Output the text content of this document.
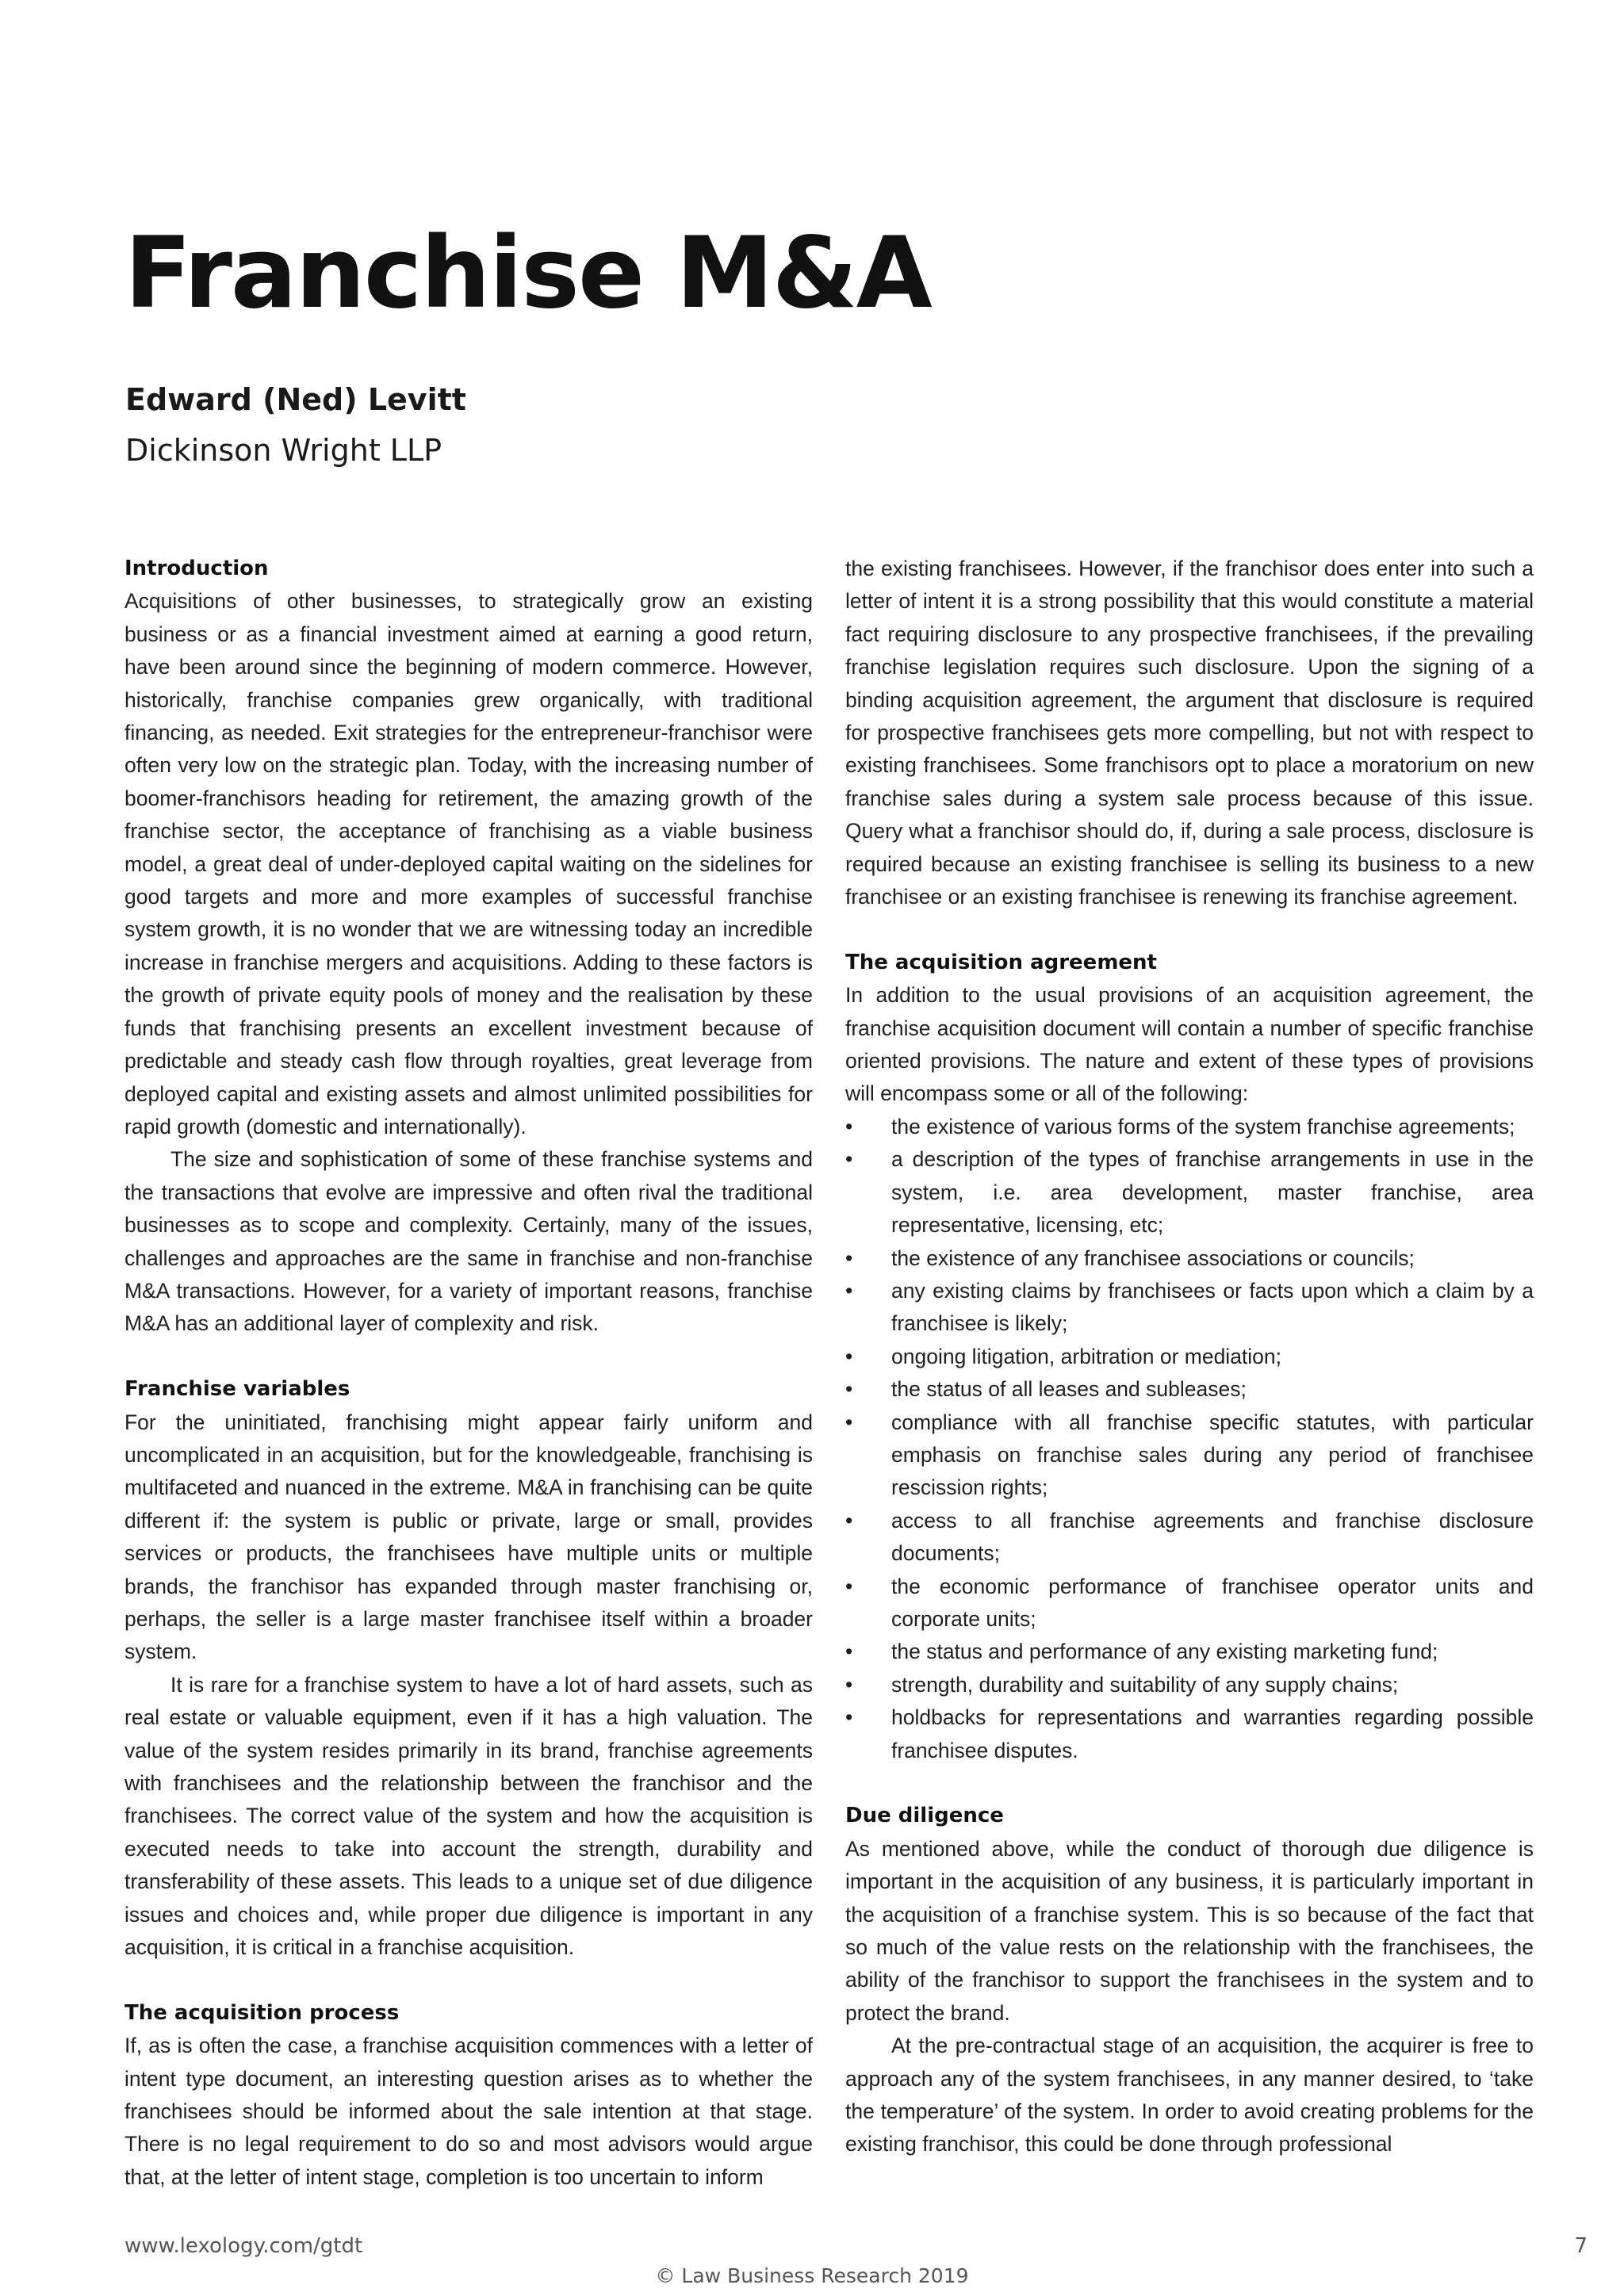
Franchise M&A
Edward (Ned) Levitt
Dickinson Wright LLP
Introduction

Acquisitions of other businesses, to strategically grow an existing business or as a financial investment aimed at earning a good return, have been around since the beginning of modern commerce. However, historically, franchise companies grew organically, with traditional financing, as needed. Exit strategies for the entrepreneur-franchisor were often very low on the strategic plan. Today, with the increasing number of boomer-franchisors heading for retirement, the amazing growth of the franchise sector, the acceptance of franchising as a viable business model, a great deal of under-deployed capital waiting on the sidelines for good targets and more and more examples of successful franchise system growth, it is no wonder that we are witnessing today an incredible increase in franchise mergers and acquisitions. Adding to these factors is the growth of private equity pools of money and the realisation by these funds that franchising presents an excellent investment because of predictable and steady cash flow through royalties, great leverage from deployed capital and existing assets and almost unlimited possibilities for rapid growth (domestic and internationally).

The size and sophistication of some of these franchise systems and the transactions that evolve are impressive and often rival the traditional businesses as to scope and complexity. Certainly, many of the issues, challenges and approaches are the same in franchise and non-franchise M&A transactions. However, for a variety of important reasons, franchise M&A has an additional layer of complexity and risk.

Franchise variables

For the uninitiated, franchising might appear fairly uniform and uncomplicated in an acquisition, but for the knowledgeable, franchising is multifaceted and nuanced in the extreme. M&A in franchising can be quite different if: the system is public or private, large or small, provides services or products, the franchisees have multiple units or multiple brands, the franchisor has expanded through master franchising or, perhaps, the seller is a large master franchisee itself within a broader system.

It is rare for a franchise system to have a lot of hard assets, such as real estate or valuable equipment, even if it has a high valuation. The value of the system resides primarily in its brand, franchise agreements with franchisees and the relationship between the franchisor and the franchisees. The correct value of the system and how the acquisition is executed needs to take into account the strength, durability and transferability of these assets. This leads to a unique set of due diligence issues and choices and, while proper due diligence is important in any acquisition, it is critical in a franchise acquisition.

The acquisition process

If, as is often the case, a franchise acquisition commences with a letter of intent type document, an interesting question arises as to whether the franchisees should be informed about the sale intention at that stage. There is no legal requirement to do so and most advisors would argue that, at the letter of intent stage, completion is too uncertain to inform

the existing franchisees. However, if the franchisor does enter into such a letter of intent it is a strong possibility that this would constitute a material fact requiring disclosure to any prospective franchisees, if the prevailing franchise legislation requires such disclosure. Upon the signing of a binding acquisition agreement, the argument that disclosure is required for prospective franchisees gets more compelling, but not with respect to existing franchisees. Some franchisors opt to place a moratorium on new franchise sales during a system sale process because of this issue. Query what a franchisor should do, if, during a sale process, disclosure is required because an existing franchisee is selling its business to a new franchisee or an existing franchisee is renewing its franchise agreement.

The acquisition agreement

In addition to the usual provisions of an acquisition agreement, the franchise acquisition document will contain a number of specific franchise oriented provisions. The nature and extent of these types of provisions will encompass some or all of the following:

•	the existence of various forms of the system franchise agreements;
•	a description of the types of franchise arrangements in use in the system, i.e. area development, master franchise, area representative, licensing, etc;
•	the existence of any franchisee associations or councils;
•	any existing claims by franchisees or facts upon which a claim by a franchisee is likely;
•	ongoing litigation, arbitration or mediation;
•	the status of all leases and subleases;
•	compliance with all franchise specific statutes, with particular emphasis on franchise sales during any period of franchisee rescission rights;
•	access to all franchise agreements and franchise disclosure documents;
•	the economic performance of franchisee operator units and corporate units;
•	the status and performance of any existing marketing fund;
•	strength, durability and suitability of any supply chains;
•	holdbacks for representations and warranties regarding possible franchisee disputes.
Due diligence

As mentioned above, while the conduct of thorough due diligence is important in the acquisition of any business, it is particularly important in the acquisition of a franchise system. This is so because of the fact that so much of the value rests on the relationship with the franchisees, the ability of the franchisor to support the franchisees in the system and to protect the brand.

At the pre-contractual stage of an acquisition, the acquirer is free to approach any of the system franchisees, in any manner desired, to ‘take the temperature’ of the system. In order to avoid creating problems for the existing franchisor, this could be done through professional

www.lexology.com/gtdt	7
© Law Business Research 2019
